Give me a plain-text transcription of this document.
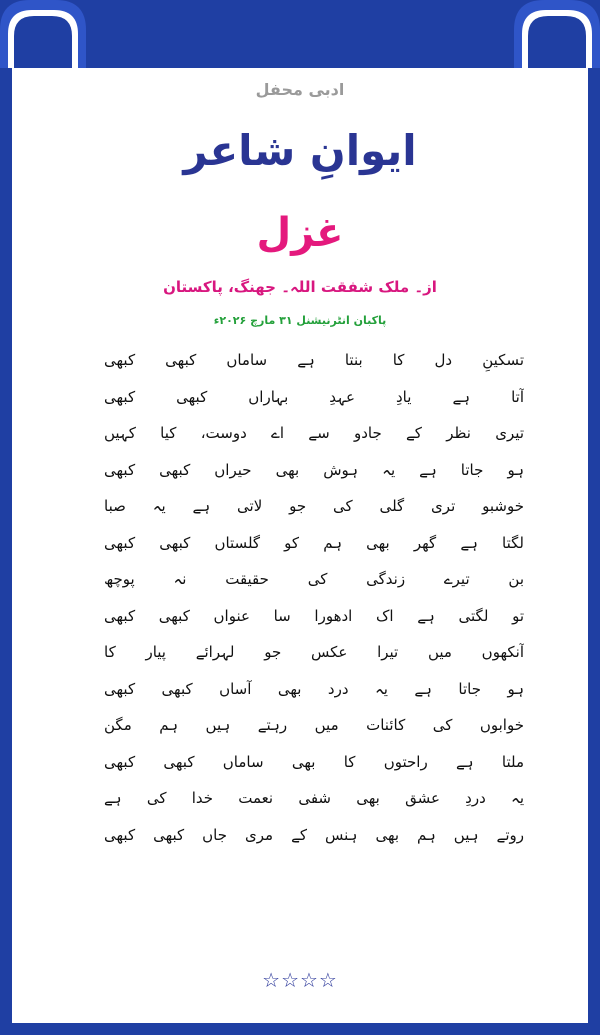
ادبی محفل
ایوانِ شاعر
غزل
از۔ ملک شفقت اللہ۔ جھنگ، پاکستان
پاکبان انٹرنیشنل ۳۱ مارچ ۲۰۲۶ء
تسکینِ دل کا بنتا ہے ساماں کبھی کبھی
آتا ہے یادِ عہدِ بہاراں کبھی کبھی
تیری نظر کے جادو سے اے دوست، کیا کہیں
ہو جاتا ہے یہ ہوش بھی حیراں کبھی کبھی
خوشبو تری گلی کی جو لاتی ہے یہ صبا
لگتا ہے گھر بھی ہم کو گلستاں کبھی کبھی
بن تیرے زندگی کی حقیقت نہ پوچھ
تو لگتی ہے اک ادھورا سا عنواں کبھی کبھی
آنکھوں میں تیرا عکس جو لہرائے پیار کا
ہو جاتا ہے یہ درد بھی آساں کبھی کبھی
خوابوں کی کائنات میں رہتے ہیں ہم مگن
ملتا ہے راحتوں کا بھی ساماں کبھی کبھی
یہ دردِ عشق بھی شفی نعمت خدا کی ہے
روتے ہیں ہم بھی ہنس کے مری جاں کبھی کبھی
☆☆☆☆
